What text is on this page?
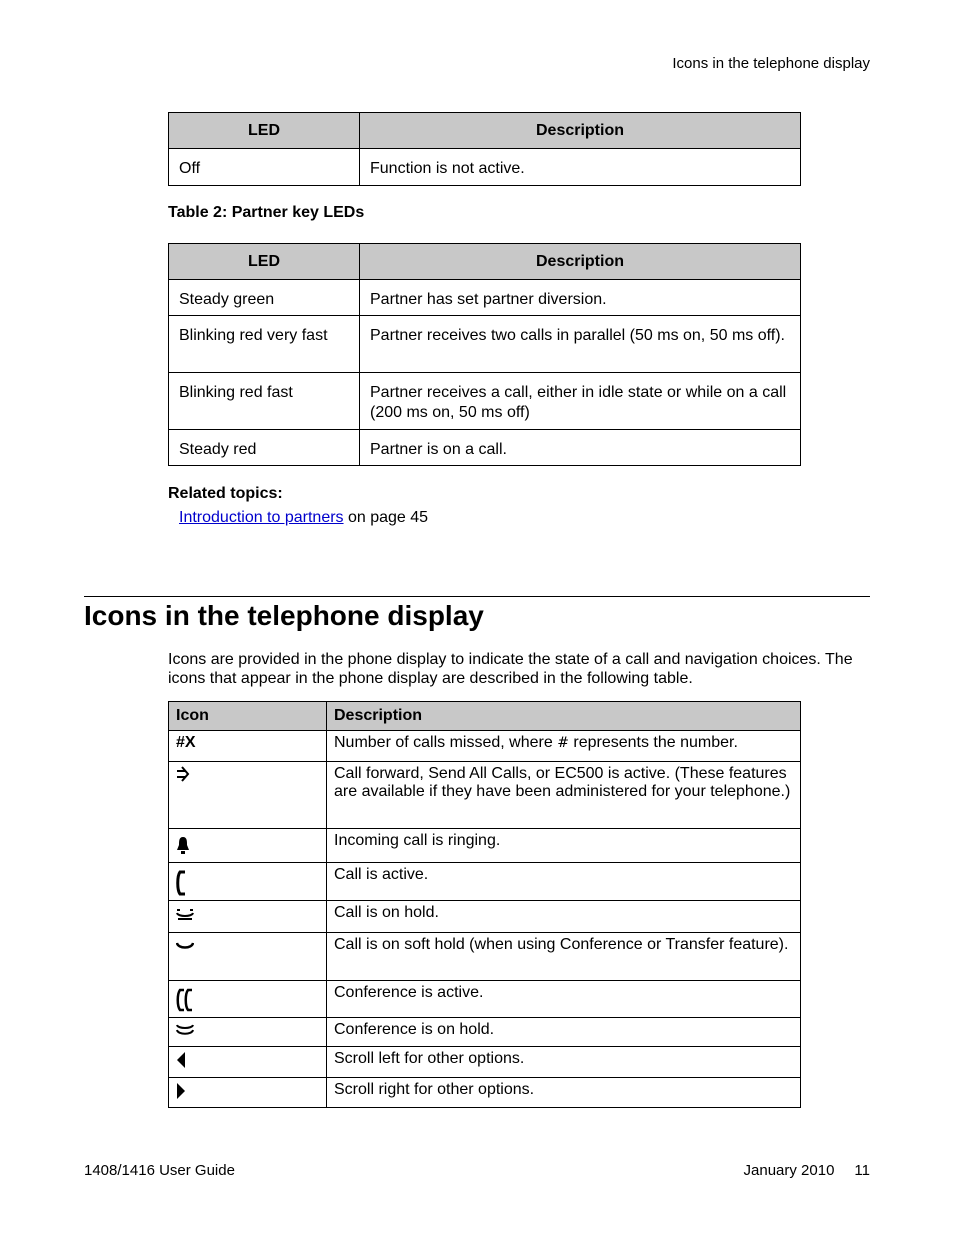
Icons in the telephone display
LED	Description
Off	Function is not active.
Table 2: Partner key LEDs
LED	Description
Steady green	Partner has set partner diversion.
Blinking red very fast	Partner receives two calls in parallel (50 ms on, 50 ms off).
Blinking red fast	Partner receives a call, either in idle state or while on a call (200 ms on, 50 ms off)
Steady red	Partner is on a call.
Related topics:
Introduction to partners on page 45
Icons in the telephone display
Icons are provided in the phone display to indicate the state of a call and navigation choices. The icons that appear in the phone display are described in the following table.
Icon	Description
#X	Number of calls missed, where # represents the number.

	Call forward, Send All Calls, or EC500 is active. (These features are available if they have been administered for your telephone.)

	Incoming call is ringing.

	Call is active.

	Call is on hold.

	Call is on soft hold (when using Conference or Transfer feature).

	Conference is active.

	Conference is on hold.

	Scroll left for other options.

	Scroll right for other options.
1408/1416 User Guide	January 2010 11
